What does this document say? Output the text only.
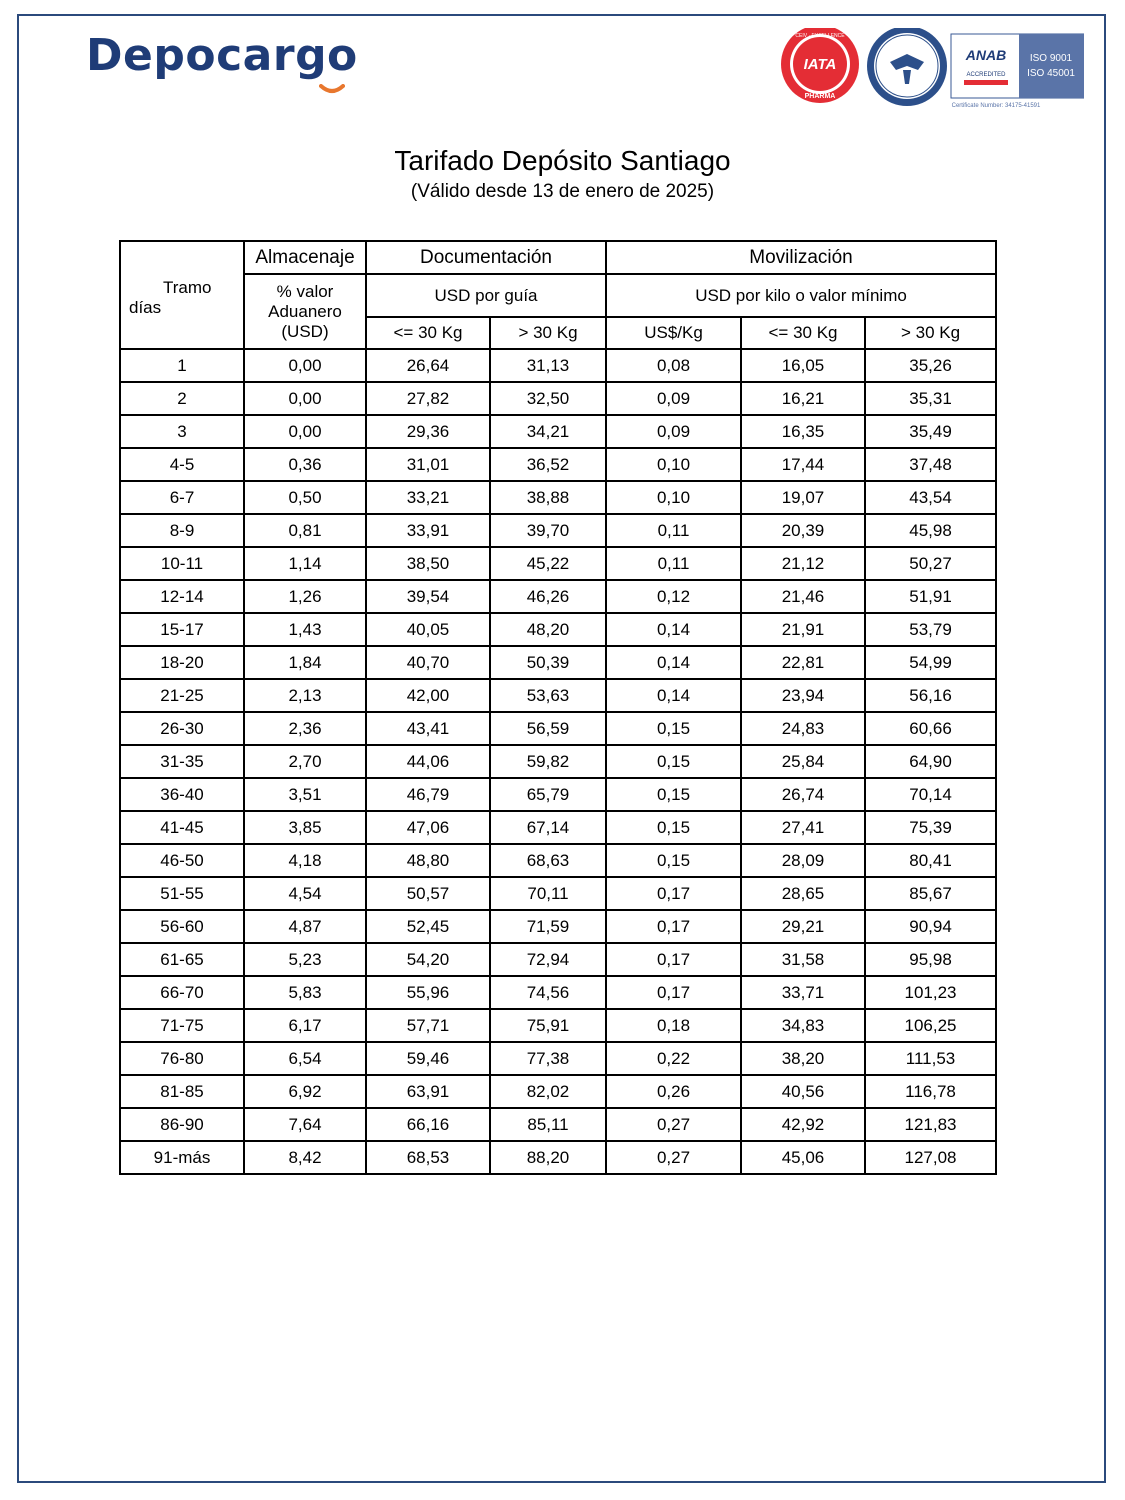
Depocargo	IATA
PHARMA
CEIV · EXCELLENCE
ANAB
ACCREDITED
ISO 9001
ISO 45001
Certificate Number: 34175-41591
Tarifado Depósito Santiago
(Válido desde 13 de enero de 2025)
Tramo
días	Almacenaje	Documentación		Movilización		

	% valor
Aduanero
(USD)	USD por guía		USD por kilo o valor mínimo		
		<= 30 Kg	> 30 Kg	US$/Kg	<= 30 Kg	> 30 Kg
1	0,00	26,64	31,13	0,08	16,05	35,26
2	0,00	27,82	32,50	0,09	16,21	35,31
3	0,00	29,36	34,21	0,09	16,35	35,49
4-5	0,36	31,01	36,52	0,10	17,44	37,48
6-7	0,50	33,21	38,88	0,10	19,07	43,54
8-9	0,81	33,91	39,70	0,11	20,39	45,98
10-11	1,14	38,50	45,22	0,11	21,12	50,27
12-14	1,26	39,54	46,26	0,12	21,46	51,91
15-17	1,43	40,05	48,20	0,14	21,91	53,79
18-20	1,84	40,70	50,39	0,14	22,81	54,99
21-25	2,13	42,00	53,63	0,14	23,94	56,16
26-30	2,36	43,41	56,59	0,15	24,83	60,66
31-35	2,70	44,06	59,82	0,15	25,84	64,90
36-40	3,51	46,79	65,79	0,15	26,74	70,14
41-45	3,85	47,06	67,14	0,15	27,41	75,39
46-50	4,18	48,80	68,63	0,15	28,09	80,41
51-55	4,54	50,57	70,11	0,17	28,65	85,67
56-60	4,87	52,45	71,59	0,17	29,21	90,94
61-65	5,23	54,20	72,94	0,17	31,58	95,98
66-70	5,83	55,96	74,56	0,17	33,71	101,23
71-75	6,17	57,71	75,91	0,18	34,83	106,25
76-80	6,54	59,46	77,38	0,22	38,20	111,53
81-85	6,92	63,91	82,02	0,26	40,56	116,78
86-90	7,64	66,16	85,11	0,27	42,92	121,83
91-más	8,42	68,53	88,20	0,27	45,06	127,08
